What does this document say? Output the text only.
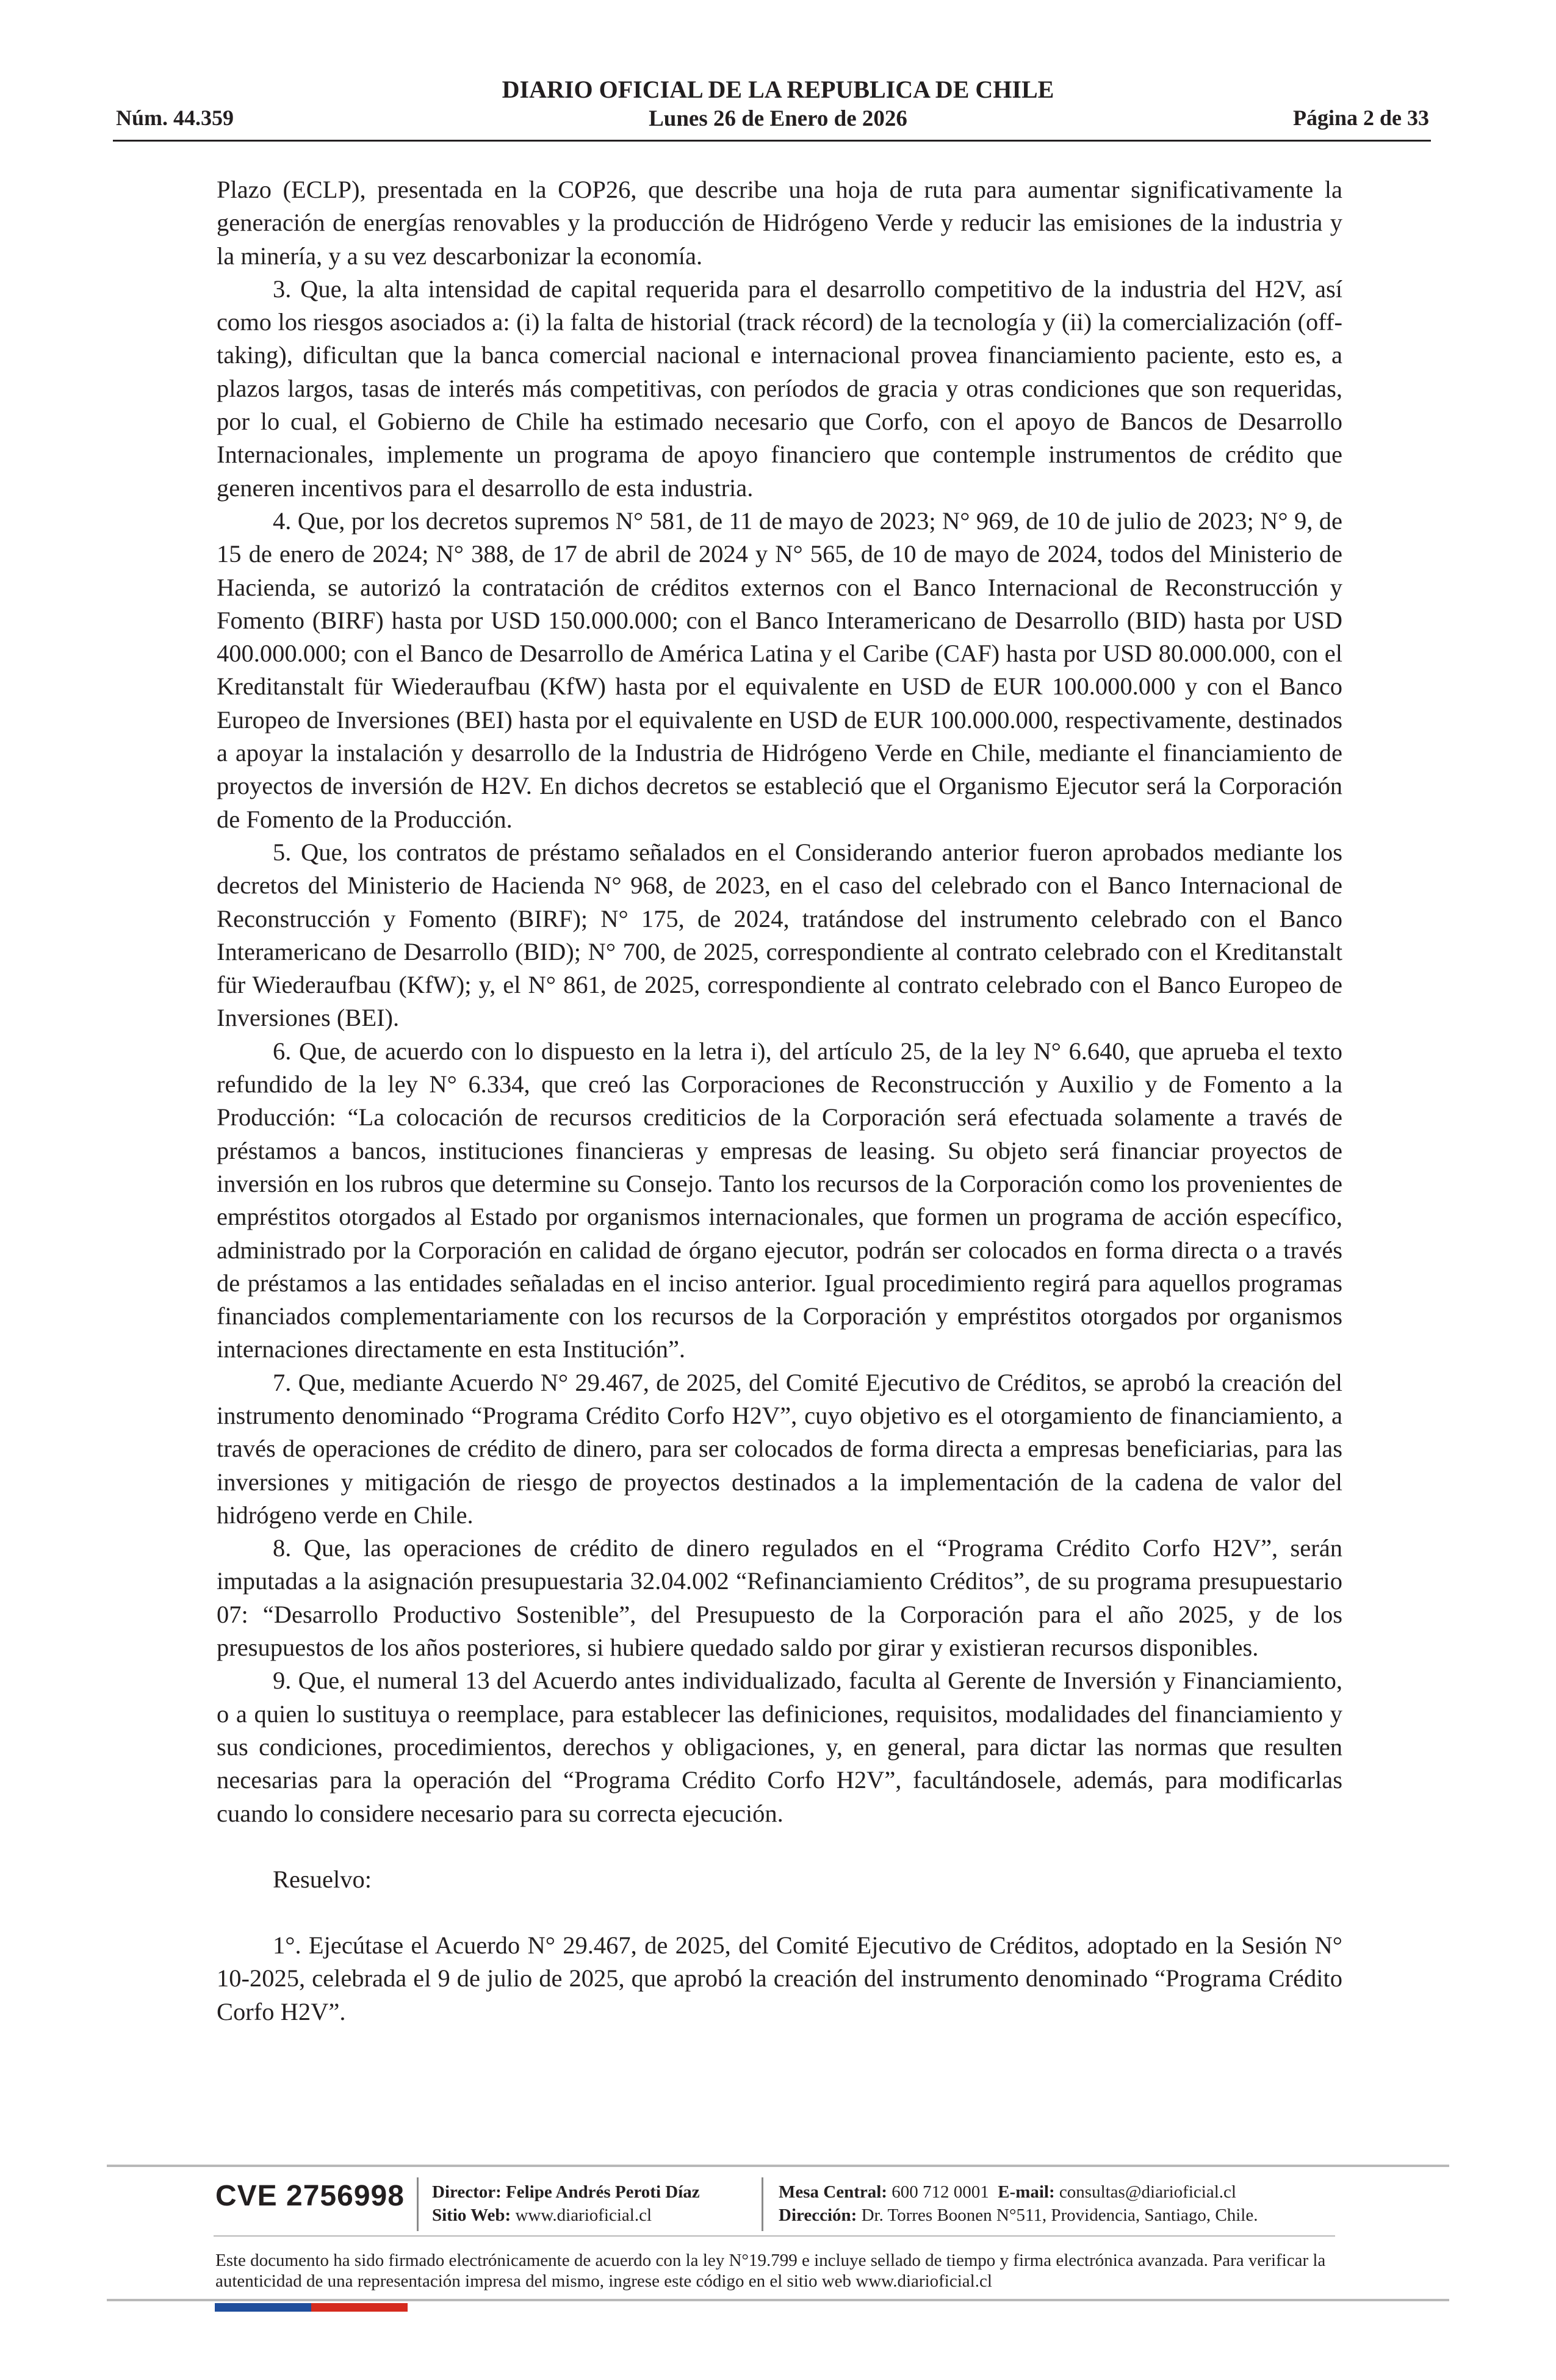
Núm. 44.359
DIARIO OFICIAL DE LA REPUBLICA DE CHILE
Lunes 26 de Enero de 2026	Página 2 de 33

Plazo (ECLP), presentada en la COP26, que describe una hoja de ruta para aumentar significativamente la generación de energías renovables y la producción de Hidrógeno Verde y reducir las emisiones de la industria y la minería, y a su vez descarbonizar la economía.

3. Que, la alta intensidad de capital requerida para el desarrollo competitivo de la industria del H2V, así como los riesgos asociados a: (i) la falta de historial (track récord) de la tecnología y (ii) la comercialización (off-taking), dificultan que la banca comercial nacional e internacional provea financiamiento paciente, esto es, a plazos largos, tasas de interés más competitivas, con períodos de gracia y otras condiciones que son requeridas, por lo cual, el Gobierno de Chile ha estimado necesario que Corfo, con el apoyo de Bancos de Desarrollo Internacionales, implemente un programa de apoyo financiero que contemple instrumentos de crédito que generen incentivos para el desarrollo de esta industria.

4. Que, por los decretos supremos N° 581, de 11 de mayo de 2023; N° 969, de 10 de julio de 2023; N° 9, de 15 de enero de 2024; N° 388, de 17 de abril de 2024 y N° 565, de 10 de mayo de 2024, todos del Ministerio de Hacienda, se autorizó la contratación de créditos externos con el Banco Internacional de Reconstrucción y Fomento (BIRF) hasta por USD 150.000.000; con el Banco Interamericano de Desarrollo (BID) hasta por USD 400.000.000; con el Banco de Desarrollo de América Latina y el Caribe (CAF) hasta por USD 80.000.000, con el Kreditanstalt für Wiederaufbau (KfW) hasta por el equivalente en USD de EUR 100.000.000 y con el Banco Europeo de Inversiones (BEI) hasta por el equivalente en USD de EUR 100.000.000, respectivamente, destinados a apoyar la instalación y desarrollo de la Industria de Hidrógeno Verde en Chile, mediante el financiamiento de proyectos de inversión de H2V. En dichos decretos se estableció que el Organismo Ejecutor será la Corporación de Fomento de la Producción.

5. Que, los contratos de préstamo señalados en el Considerando anterior fueron aprobados mediante los decretos del Ministerio de Hacienda N° 968, de 2023, en el caso del celebrado con el Banco Internacional de Reconstrucción y Fomento (BIRF); N° 175, de 2024, tratándose del instrumento celebrado con el Banco Interamericano de Desarrollo (BID); N° 700, de 2025, correspondiente al contrato celebrado con el Kreditanstalt für Wiederaufbau (KfW); y, el N° 861, de 2025, correspondiente al contrato celebrado con el Banco Europeo de Inversiones (BEI).

6. Que, de acuerdo con lo dispuesto en la letra i), del artículo 25, de la ley N° 6.640, que aprueba el texto refundido de la ley N° 6.334, que creó las Corporaciones de Reconstrucción y Auxilio y de Fomento a la Producción: “La colocación de recursos crediticios de la Corporación será efectuada solamente a través de préstamos a bancos, instituciones financieras y empresas de leasing. Su objeto será financiar proyectos de inversión en los rubros que determine su Consejo. Tanto los recursos de la Corporación como los provenientes de empréstitos otorgados al Estado por organismos internacionales, que formen un programa de acción específico, administrado por la Corporación en calidad de órgano ejecutor, podrán ser colocados en forma directa o a través de préstamos a las entidades señaladas en el inciso anterior. Igual procedimiento regirá para aquellos programas financiados complementariamente con los recursos de la Corporación y empréstitos otorgados por organismos internaciones directamente en esta Institución”.

7. Que, mediante Acuerdo N° 29.467, de 2025, del Comité Ejecutivo de Créditos, se aprobó la creación del instrumento denominado “Programa Crédito Corfo H2V”, cuyo objetivo es el otorgamiento de financiamiento, a través de operaciones de crédito de dinero, para ser colocados de forma directa a empresas beneficiarias, para las inversiones y mitigación de riesgo de proyectos destinados a la implementación de la cadena de valor del hidrógeno verde en Chile.

8. Que, las operaciones de crédito de dinero regulados en el “Programa Crédito Corfo H2V”, serán imputadas a la asignación presupuestaria 32.04.002 “Refinanciamiento Créditos”, de su programa presupuestario 07: “Desarrollo Productivo Sostenible”, del Presupuesto de la Corporación para el año 2025, y de los presupuestos de los años posteriores, si hubiere quedado saldo por girar y existieran recursos disponibles.

9. Que, el numeral 13 del Acuerdo antes individualizado, faculta al Gerente de Inversión y Financiamiento, o a quien lo sustituya o reemplace, para establecer las definiciones, requisitos, modalidades del financiamiento y sus condiciones, procedimientos, derechos y obligaciones, y, en general, para dictar las normas que resulten necesarias para la operación del “Programa Crédito Corfo H2V”, facultándosele, además, para modificarlas cuando lo considere necesario para su correcta ejecución.

Resuelvo:

1°. Ejecútase el Acuerdo N° 29.467, de 2025, del Comité Ejecutivo de Créditos, adoptado en la Sesión N° 10-2025, celebrada el 9 de julio de 2025, que aprobó la creación del instrumento denominado “Programa Crédito Corfo H2V”.

CVE 2756998 Director: Felipe Andrés Peroti Díaz
Sitio Web: www.diarioficial.cl
Mesa Central: 600 712 0001 E-mail: consultas@diarioficial.cl
Dirección: Dr. Torres Boonen N°511, Providencia, Santiago, Chile.
Este documento ha sido firmado electrónicamente de acuerdo con la ley N°19.799 e incluye sellado de tiempo y firma electrónica avanzada. Para verificar la autenticidad de una representación impresa del mismo, ingrese este código en el sitio web www.diarioficial.cl
